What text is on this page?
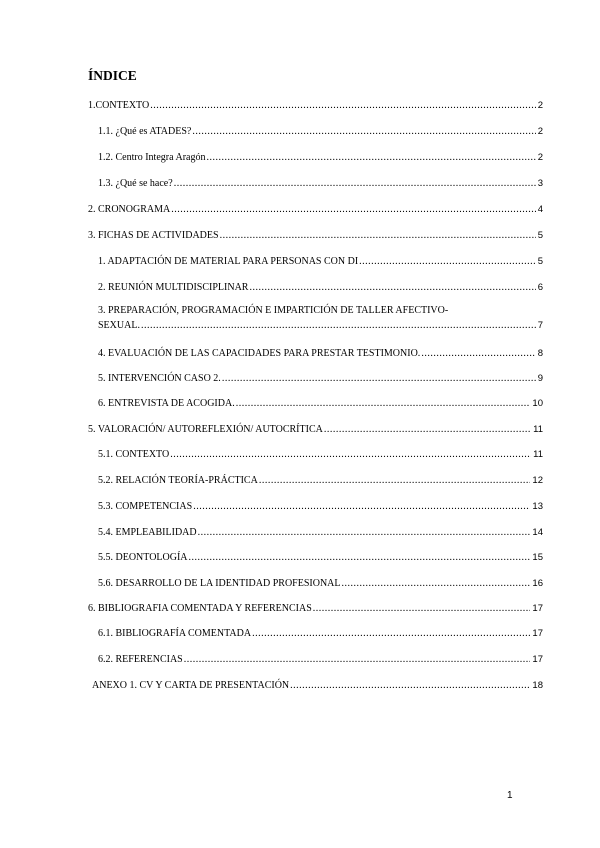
ÍNDICE
1.CONTEXTO .....	2
1.1. ¿Qué es ATADES? .....	2
1.2. Centro Integra Aragón .....	2
1.3. ¿Qué se hace? .....	3
2. CRONOGRAMA .....	4
3. FICHAS DE ACTIVIDADES .....	5
1. ADAPTACIÓN DE MATERIAL PARA PERSONAS CON DI .....	5
2. REUNIÓN MULTIDISCIPLINAR .....	6
3. PREPARACIÓN, PROGRAMACIÓN E IMPARTICIÓN DE TALLER AFECTIVO-
SEXUAL. .....	7
4. EVALUACIÓN DE LAS CAPACIDADES PARA PRESTAR TESTIMONIO. .....	8
5. INTERVENCIÓN CASO 2. .....	9
6. ENTREVISTA DE ACOGIDA. .....	10
5. VALORACIÓN/ AUTOREFLEXIÓN/ AUTOCRÍTICA .....	11
5.1. CONTEXTO .....	11
5.2. RELACIÓN TEORÍA-PRÁCTICA .....	12
5.3. COMPETENCIAS .....	13
5.4. EMPLEABILIDAD .....	14
5.5. DEONTOLOGÍA .....	15
5.6. DESARROLLO DE LA IDENTIDAD PROFESIONAL .....	16
6. BIBLIOGRAFIA COMENTADA Y REFERENCIAS .....	17
6.1. BIBLIOGRAFÍA COMENTADA .....	17
6.2. REFERENCIAS .....	17
ANEXO 1. CV Y CARTA DE PRESENTACIÓN .....	18
1
